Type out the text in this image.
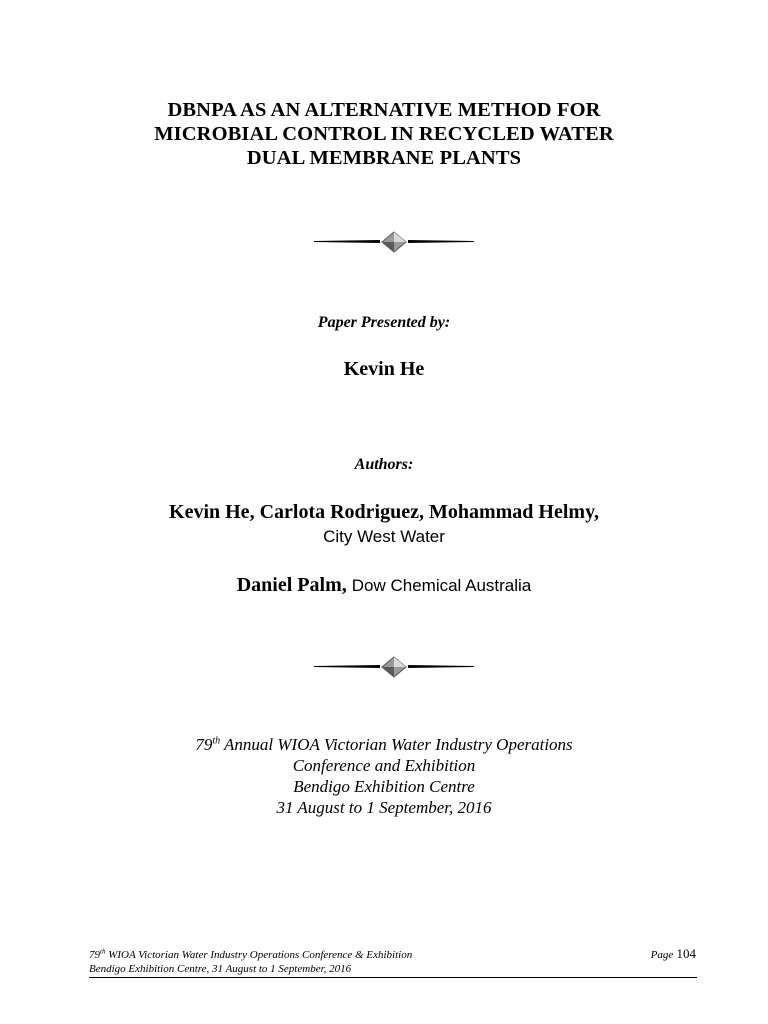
DBNPA AS AN ALTERNATIVE METHOD FOR
MICROBIAL CONTROL IN RECYCLED WATER
DUAL MEMBRANE PLANTS
Paper Presented by:
Kevin He
Authors:
Kevin He, Carlota Rodriguez, Mohammad Helmy,
City West Water
Daniel Palm, Dow Chemical Australia
79th Annual WIOA Victorian Water Industry Operations
Conference and Exhibition
Bendigo Exhibition Centre
31 August to 1 September, 2016
79th WIOA Victorian Water Industry Operations Conference & Exhibition
Bendigo Exhibition Centre, 31 August to 1 September, 2016
Page 104
